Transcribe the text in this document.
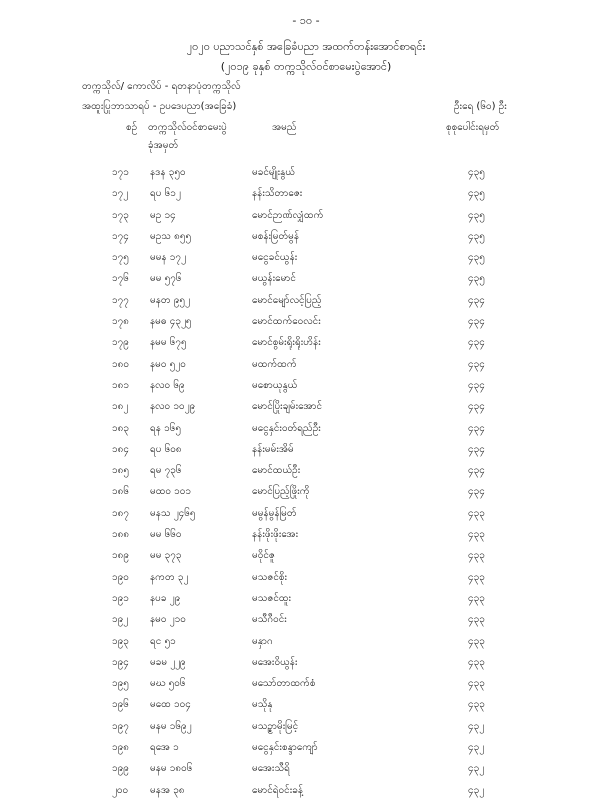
- ၁၀ -
၂၀၂၀ ပညာသင်နှစ် အခြေခံပညာ အထက်တန်းအောင်စာရင်း
(၂၀၁၉ ခုနှစ် တက္ကသိုလ်ဝင်စာမေးပွဲအောင်)
တက္ကသိုလ်/ ကောလိပ် - ရတနာပုံတက္ကသိုလ်
အထူးပြုဘာသာရပ် - ဥပဒေပညာ(အခြေခံ)	ဦးရေ (၆၀) ဦး
စဉ် တက္ကသိုလ်ဝင်စာမေးပွဲ
ခုံအမှတ်
အမည်	စုစုပေါင်းရမှတ်
၁၇၁ နဒန ၃၅၀	မခင်မျိုးနွယ်	၄၃၅
၁၇၂ ရပ ၆၁၂	နန်းသိတာဇေး	၄၃၅
၁၇၃ မဥ ၁၄	မောင်ဉာဏ်လျှံထက်	၄၃၅
၁၇၄ မဥသ ၈၅၅	မစန်းမြတ်မွန်	၄၃၅
၁၇၅ မမန ၁၇၂	မငွေခင်ယွန်း	၄၃၅
၁၇၆ မမ ၅၇၆	မယွန်းမောင်	၄၃၅
၁၇၇ မနတ ၉၅၂	မောင်မျော်လင့်ပြည့်	၄၃၄
၁၇၈ နမဓ ၄၃၂၅	မောင်ထက်ဝေလင်း	၄၃၄
၁၇၉ နမမ ၆၇၅	မောင်စွမ်းရိုးရိုးဟိန်း	၄၃၄
၁၈၀ နမဝ ၅၂၀	မထက်ထက်	၄၃၄
၁၈၁ နလဝ ၆၉	မစောယုနွယ်	၄၃၄
၁၈၂ နလဝ ၁၀၂၉	မောင်ပြိုးချမ်းအောင်	၄၃၄
၁၈၃ ရန ၁၆၅	မငွေနှင်းဝတ်ရည်ဦး	၄၃၄
၁၈၄ ရပ ၆၀၈	နန်းမမ်းအိမ်	၄၃၄
၁၈၅ ရမ ၇၃၆	မောင်ထယ်ဦး	၄၃၄
၁၈၆ မထဝ ၁၀၁	မောင်ပြည့်ဖြိုးကို	၄၃၄
၁၈၇ မနသ ၂၄၆၅	မမွန်မွန်မြတ်	၄၃၃
၁၈၈ မမ ၆၆၀	နန်းဖိုးဖိုးအေး	၄၃၃
၁၈၉ မမ ၃၇၃	မဝိုင်ဇူ	၄၃၃
၁၉၀ နကတ ၃၂	မသဇင်စိုး	၄၃၃
၁၉၁ နပခ ၂၉	မသဇင်ထူး	၄၃၃
၁၉၂ နမဝ ၂၁၀	မသီဂီဝင်း	၄၃၃
၁၉၃ ရင ၅၁	မနှာဂ	၄၃၃
၁၉၄ မခမ ၂၂၉	မအေးဝိယွန်း	၄၃၃
၁၉၅ မဃ ၅၀၆	မသော်တာထက်စံ	၄၃၃
၁၉၆ မထေ ၁၀၄	မသိုနု	၄၃၃
၁၉၇ မနမ ၁၆၉၂	မသဉ္စာမိုးမြင့်	၄၃၂
၁၉၈ ရအေ ၁	မငွေနှင်းစန္ဒာကျော်	၄၃၂
၁၉၉ မနမ ၁၈၀၆	မအေးသီရိ	၄၃၂
၂၀၀ မနအ ၃၈	မောင်ရဲဝင်းခန့်	၄၃၂
